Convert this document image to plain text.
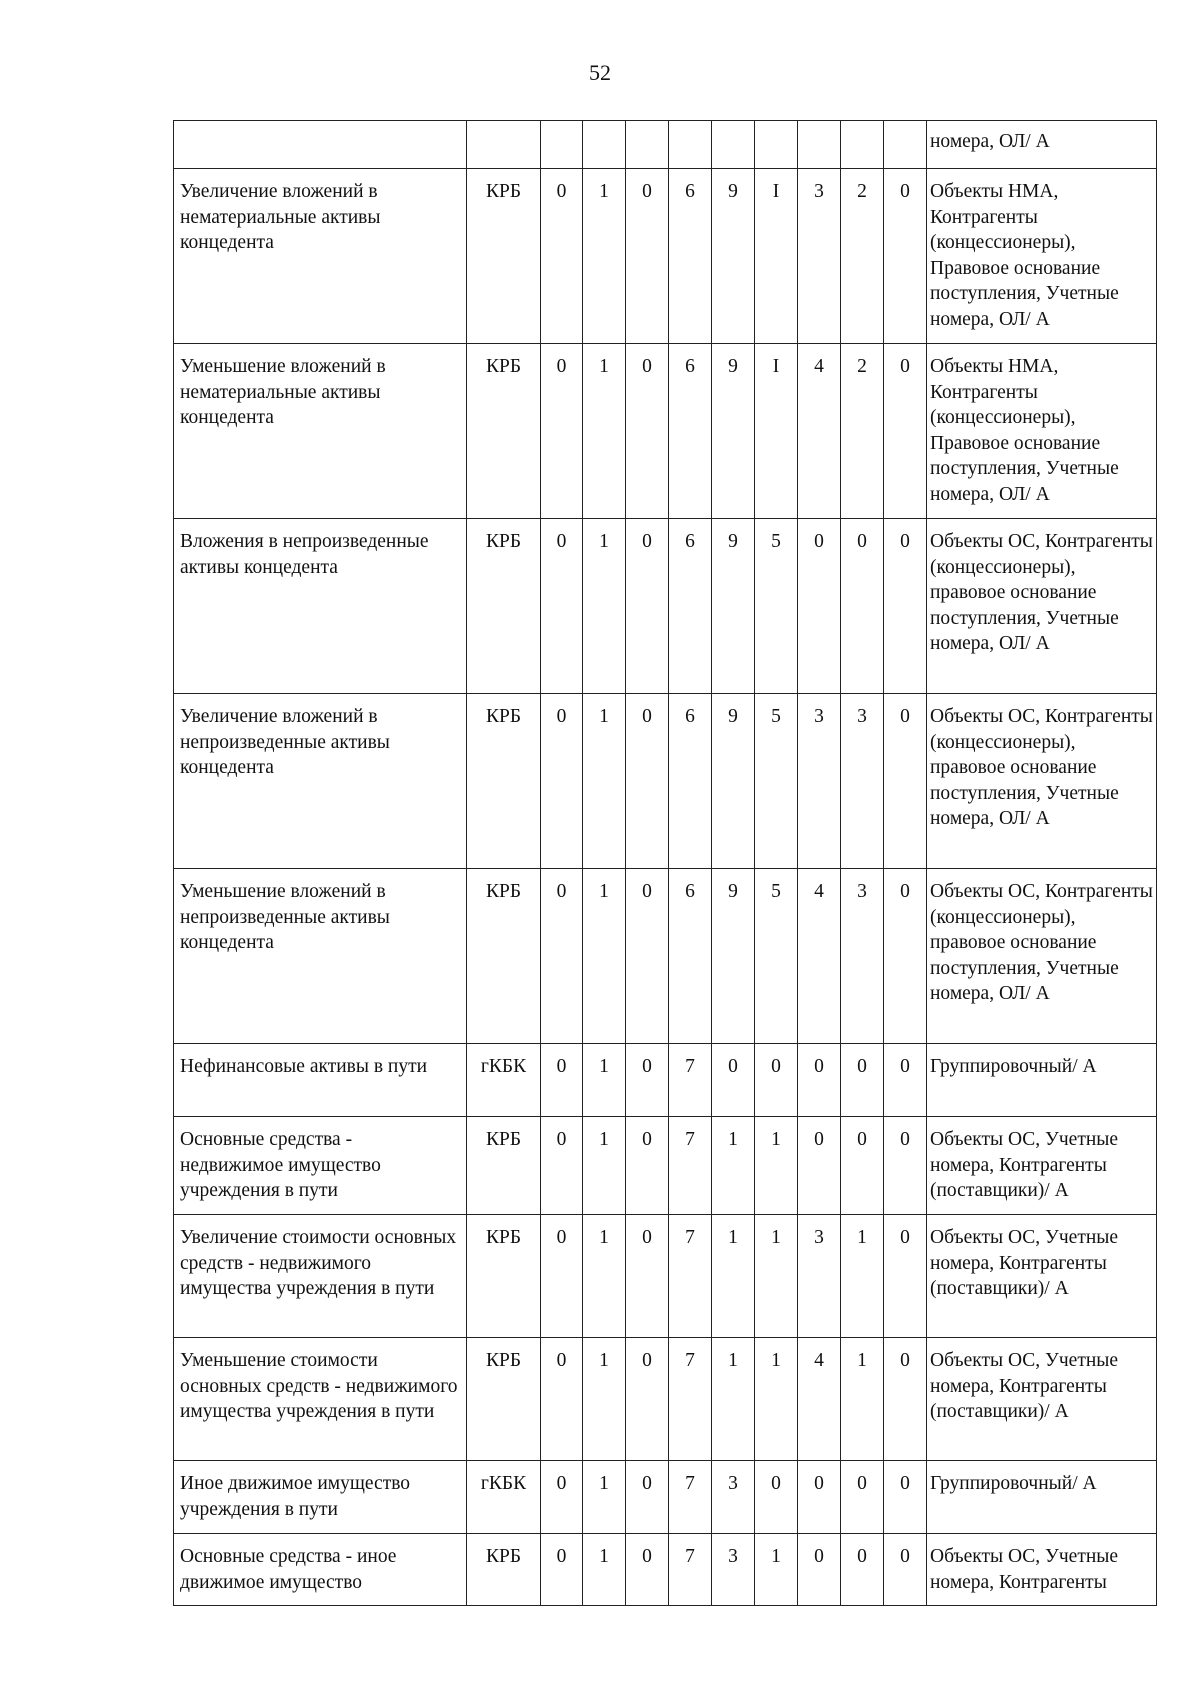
52
											номера, ОЛ/ А
Увеличение вложений в нематериальные активы концедента	КРБ	0	1	0	6	9	I	3	2	0	Объекты НМА, Контрагенты (концессионеры), Правовое основание поступления, Учетные номера, ОЛ/ А
Уменьшение вложений в нематериальные активы концедента	КРБ	0	1	0	6	9	I	4	2	0	Объекты НМА, Контрагенты (концессионеры), Правовое основание поступления, Учетные номера, ОЛ/ А
Вложения в непроизведенные активы концедента	КРБ	0	1	0	6	9	5	0	0	0	Объекты ОС, Контрагенты (концессионеры), правовое основание поступления, Учетные номера, ОЛ/ А
Увеличение вложений в непроизведенные активы концедента	КРБ	0	1	0	6	9	5	3	3	0	Объекты ОС, Контрагенты (концессионеры), правовое основание поступления, Учетные номера, ОЛ/ А
Уменьшение вложений в непроизведенные активы концедента	КРБ	0	1	0	6	9	5	4	3	0	Объекты ОС, Контрагенты (концессионеры), правовое основание поступления, Учетные номера, ОЛ/ А
Нефинансовые активы в пути	гКБК	0	1	0	7	0	0	0	0	0	Группировочный/ А
Основные средства - недвижимое имущество учреждения в пути	КРБ	0	1	0	7	1	1	0	0	0	Объекты ОС, Учетные номера, Контрагенты (поставщики)/ А
Увеличение стоимости основных средств - недвижимого имущества учреждения в пути	КРБ	0	1	0	7	1	1	3	1	0	Объекты ОС, Учетные номера, Контрагенты (поставщики)/ А
Уменьшение стоимости основных средств - недвижимого имущества учреждения в пути	КРБ	0	1	0	7	1	1	4	1	0	Объекты ОС, Учетные номера, Контрагенты (поставщики)/ А
Иное движимое имущество учреждения в пути	гКБК	0	1	0	7	3	0	0	0	0	Группировочный/ А
Основные средства - иное движимое имущество	КРБ	0	1	0	7	3	1	0	0	0	Объекты ОС, Учетные номера, Контрагенты
